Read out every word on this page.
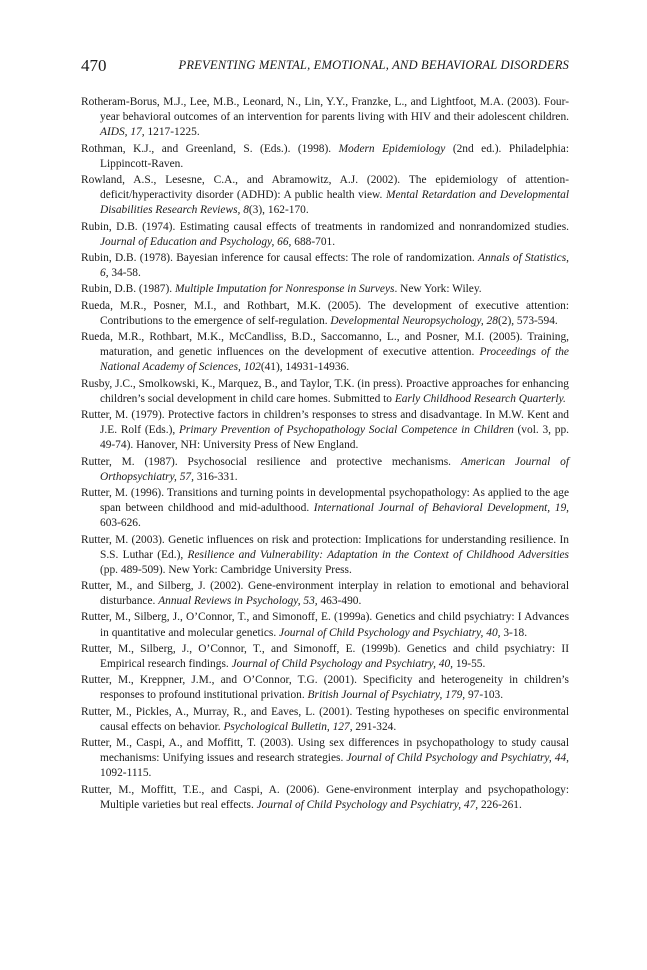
470	PREVENTING MENTAL, EMOTIONAL, AND BEHAVIORAL DISORDERS

Rotheram-Borus, M.J., Lee, M.B., Leonard, N., Lin, Y.Y., Franzke, L., and Lightfoot, M.A. (2003). Four-year behavioral outcomes of an intervention for parents living with HIV and their adolescent children. AIDS, 17, 1217-1225.

Rothman, K.J., and Greenland, S. (Eds.). (1998). Modern Epidemiology (2nd ed.). Philadelphia: Lippincott-Raven.

Rowland, A.S., Lesesne, C.A., and Abramowitz, A.J. (2002). The epidemiology of attention-deficit/hyperactivity disorder (ADHD): A public health view. Mental Retardation and Developmental Disabilities Research Reviews, 8(3), 162-170.

Rubin, D.B. (1974). Estimating causal effects of treatments in randomized and nonrandomized studies. Journal of Education and Psychology, 66, 688-701.

Rubin, D.B. (1978). Bayesian inference for causal effects: The role of randomization. Annals of Statistics, 6, 34-58.

Rubin, D.B. (1987). Multiple Imputation for Nonresponse in Surveys. New York: Wiley.

Rueda, M.R., Posner, M.I., and Rothbart, M.K. (2005). The development of executive attention: Contributions to the emergence of self-regulation. Developmental Neuropsychology, 28(2), 573-594.

Rueda, M.R., Rothbart, M.K., McCandliss, B.D., Saccomanno, L., and Posner, M.I. (2005). Training, maturation, and genetic influences on the development of executive attention. Proceedings of the National Academy of Sciences, 102(41), 14931-14936.

Rusby, J.C., Smolkowski, K., Marquez, B., and Taylor, T.K. (in press). Proactive approaches for enhancing children’s social development in child care homes. Submitted to Early Childhood Research Quarterly.

Rutter, M. (1979). Protective factors in children’s responses to stress and disadvantage. In M.W. Kent and J.E. Rolf (Eds.), Primary Prevention of Psychopathology Social Competence in Children (vol. 3, pp. 49-74). Hanover, NH: University Press of New England.

Rutter, M. (1987). Psychosocial resilience and protective mechanisms. American Journal of Orthopsychiatry, 57, 316-331.

Rutter, M. (1996). Transitions and turning points in developmental psychopathology: As applied to the age span between childhood and mid-adulthood. International Journal of Behavioral Development, 19, 603-626.

Rutter, M. (2003). Genetic influences on risk and protection: Implications for understanding resilience. In S.S. Luthar (Ed.), Resilience and Vulnerability: Adaptation in the Context of Childhood Adversities (pp. 489-509). New York: Cambridge University Press.

Rutter, M., and Silberg, J. (2002). Gene-environment interplay in relation to emotional and behavioral disturbance. Annual Reviews in Psychology, 53, 463-490.

Rutter, M., Silberg, J., O’Connor, T., and Simonoff, E. (1999a). Genetics and child psychiatry: I Advances in quantitative and molecular genetics. Journal of Child Psychology and Psychiatry, 40, 3-18.

Rutter, M., Silberg, J., O’Connor, T., and Simonoff, E. (1999b). Genetics and child psychiatry: II Empirical research findings. Journal of Child Psychology and Psychiatry, 40, 19-55.

Rutter, M., Kreppner, J.M., and O’Connor, T.G. (2001). Specificity and heterogeneity in children’s responses to profound institutional privation. British Journal of Psychiatry, 179, 97-103.

Rutter, M., Pickles, A., Murray, R., and Eaves, L. (2001). Testing hypotheses on specific environmental causal effects on behavior. Psychological Bulletin, 127, 291-324.

Rutter, M., Caspi, A., and Moffitt, T. (2003). Using sex differences in psychopathology to study causal mechanisms: Unifying issues and research strategies. Journal of Child Psychology and Psychiatry, 44, 1092-1115.

Rutter, M., Moffitt, T.E., and Caspi, A. (2006). Gene-environment interplay and psychopathology: Multiple varieties but real effects. Journal of Child Psychology and Psychiatry, 47, 226-261.
